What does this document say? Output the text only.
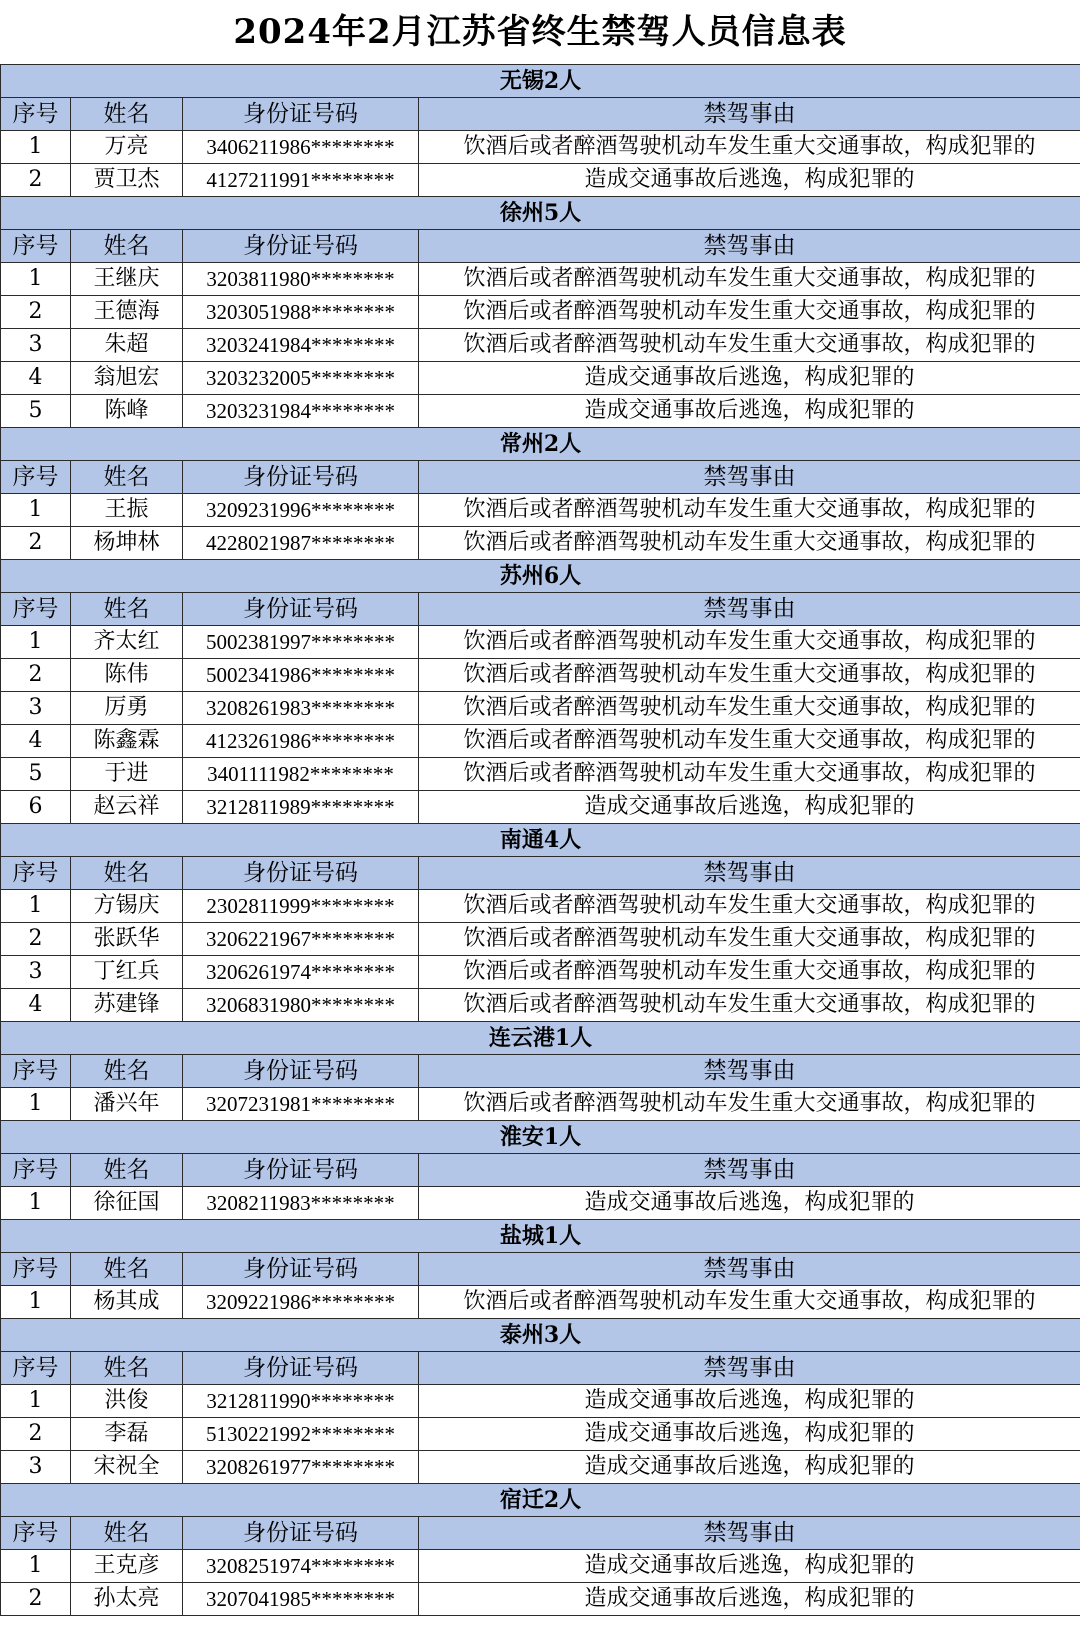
2024年2月江苏省终生禁驾人员信息表
无锡2人			
序号	姓名	身份证号码	禁驾事由
1	万亮	3406211986********	饮酒后或者醉酒驾驶机动车发生重大交通事故，构成犯罪的
2	贾卫杰	4127211991********	造成交通事故后逃逸，构成犯罪的
徐州5人			
序号	姓名	身份证号码	禁驾事由
1	王继庆	3203811980********	饮酒后或者醉酒驾驶机动车发生重大交通事故，构成犯罪的
2	王德海	3203051988********	饮酒后或者醉酒驾驶机动车发生重大交通事故，构成犯罪的
3	朱超	3203241984********	饮酒后或者醉酒驾驶机动车发生重大交通事故，构成犯罪的
4	翁旭宏	3203232005********	造成交通事故后逃逸，构成犯罪的
5	陈峰	3203231984********	造成交通事故后逃逸，构成犯罪的
常州2人			
序号	姓名	身份证号码	禁驾事由
1	王振	3209231996********	饮酒后或者醉酒驾驶机动车发生重大交通事故，构成犯罪的
2	杨坤林	4228021987********	饮酒后或者醉酒驾驶机动车发生重大交通事故，构成犯罪的
苏州6人			
序号	姓名	身份证号码	禁驾事由
1	齐太红	5002381997********	饮酒后或者醉酒驾驶机动车发生重大交通事故，构成犯罪的
2	陈伟	5002341986********	饮酒后或者醉酒驾驶机动车发生重大交通事故，构成犯罪的
3	厉勇	3208261983********	饮酒后或者醉酒驾驶机动车发生重大交通事故，构成犯罪的
4	陈鑫霖	4123261986********	饮酒后或者醉酒驾驶机动车发生重大交通事故，构成犯罪的
5	于进	3401111982********	饮酒后或者醉酒驾驶机动车发生重大交通事故，构成犯罪的
6	赵云祥	3212811989********	造成交通事故后逃逸，构成犯罪的
南通4人			
序号	姓名	身份证号码	禁驾事由
1	方锡庆	2302811999********	饮酒后或者醉酒驾驶机动车发生重大交通事故，构成犯罪的
2	张跃华	3206221967********	饮酒后或者醉酒驾驶机动车发生重大交通事故，构成犯罪的
3	丁红兵	3206261974********	饮酒后或者醉酒驾驶机动车发生重大交通事故，构成犯罪的
4	苏建锋	3206831980********	饮酒后或者醉酒驾驶机动车发生重大交通事故，构成犯罪的
连云港1人			
序号	姓名	身份证号码	禁驾事由
1	潘兴年	3207231981********	饮酒后或者醉酒驾驶机动车发生重大交通事故，构成犯罪的
淮安1人			
序号	姓名	身份证号码	禁驾事由
1	徐征国	3208211983********	造成交通事故后逃逸，构成犯罪的
盐城1人			
序号	姓名	身份证号码	禁驾事由
1	杨其成	3209221986********	饮酒后或者醉酒驾驶机动车发生重大交通事故，构成犯罪的
泰州3人			
序号	姓名	身份证号码	禁驾事由
1	洪俊	3212811990********	造成交通事故后逃逸，构成犯罪的
2	李磊	5130221992********	造成交通事故后逃逸，构成犯罪的
3	宋祝全	3208261977********	造成交通事故后逃逸，构成犯罪的
宿迁2人			
序号	姓名	身份证号码	禁驾事由
1	王克彦	3208251974********	造成交通事故后逃逸，构成犯罪的
2	孙太亮	3207041985********	造成交通事故后逃逸，构成犯罪的
